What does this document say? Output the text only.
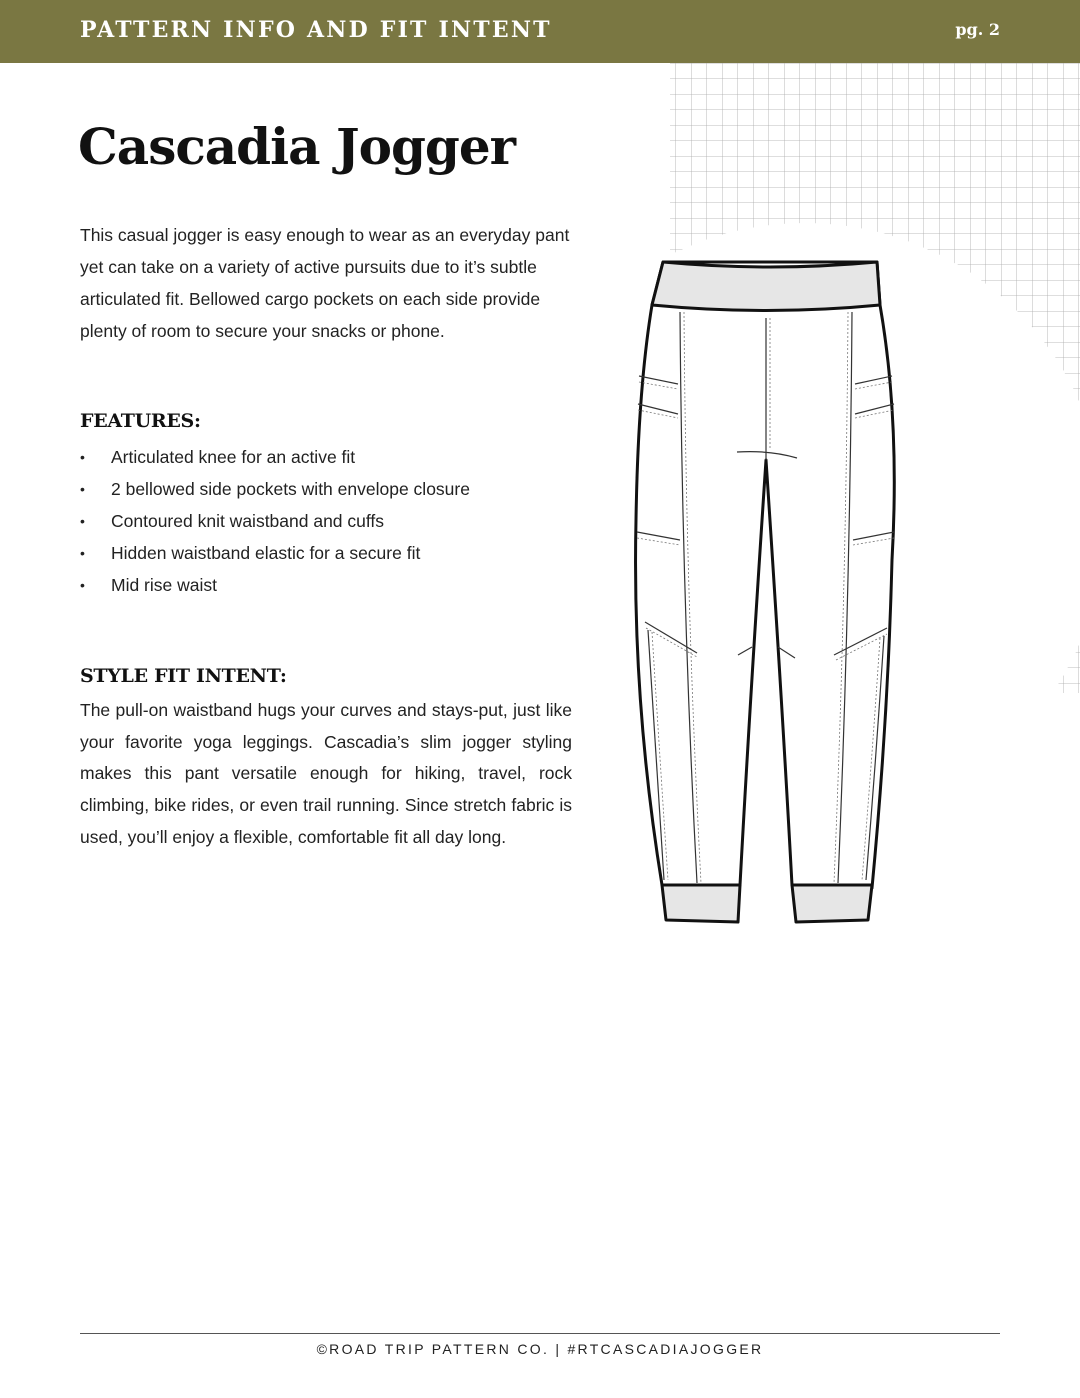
PATTERN INFO AND FIT INTENT	pg. 2
Cascadia Jogger

This casual jogger is easy enough to wear as an everyday pant yet can take on a variety of active pursuits due to it’s subtle articulated fit. Bellowed cargo pockets on each side provide plenty of room to secure your snacks or phone.

FEATURES:
• Articulated knee for an active fit
• 2 bellowed side pockets with envelope closure
• Contoured knit waistband and cuffs
• Hidden waistband elastic for a secure fit
• Mid rise waist
STYLE FIT INTENT:

The pull-on waistband hugs your curves and stays-put, just like your favorite yoga leggings. Cascadia’s slim jogger styling makes this pant versatile enough for hiking, travel, rock climbing, bike rides, or even trail running. Since stretch fabric is used, you’ll enjoy a flexible, comfortable fit all day long.

©ROAD TRIP PATTERN CO. | #RTCASCADIAJOGGER
